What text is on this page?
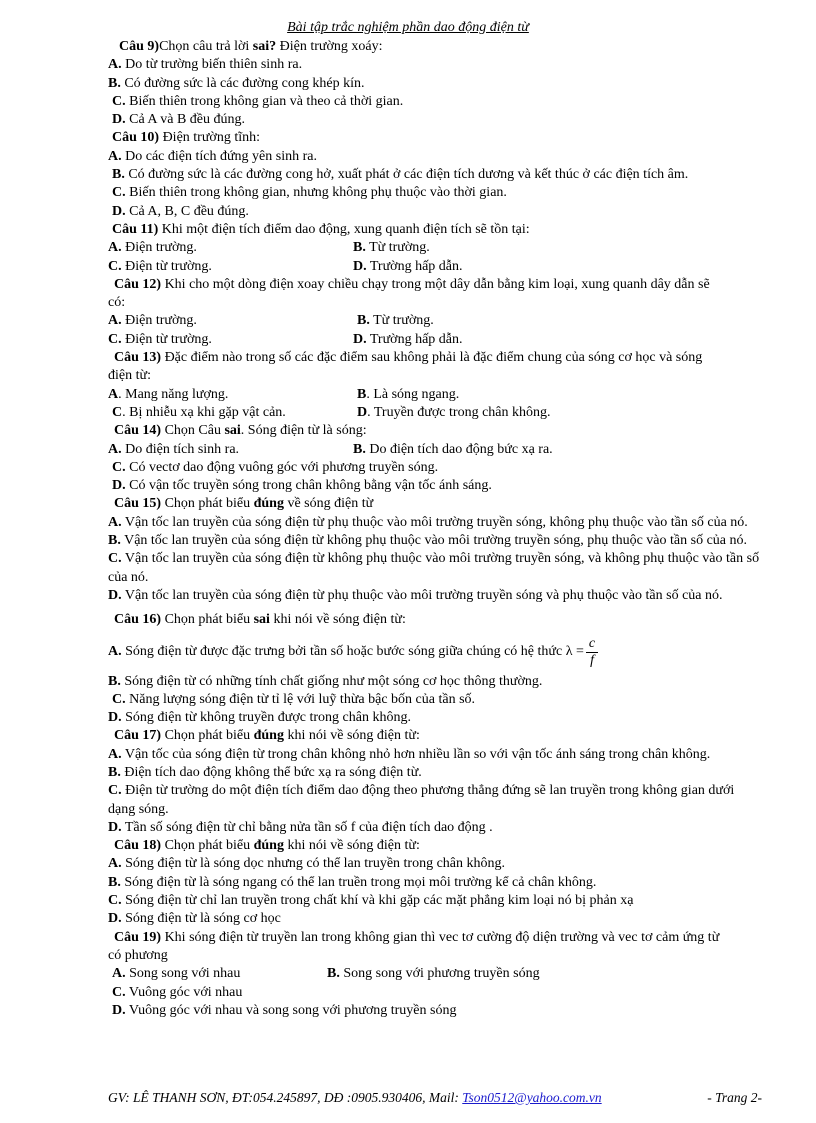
Bài tập trắc nghiệm phần dao động điện từ

Câu 9)Chọn câu trả lời sai? Điện trường xoáy:

A. Do từ trường biến thiên sinh ra.

B. Có đường sức là các đường cong khép kín.

C. Biến thiên trong không gian và theo cả thời gian.

D. Cả A và B đều đúng.

Câu 10) Điện trường tĩnh:

A. Do các điện tích đứng yên sinh ra.

B. Có đường sức là các đường cong hở, xuất phát ở các điện tích dương và kết thúc ở các điện tích âm.

C. Biến thiên trong không gian, nhưng không phụ thuộc vào thời gian.

D. Cả A, B, C đều đúng.

Câu 11) Khi một điện tích điểm dao động, xung quanh điện tích sẽ tồn tại:

A. Điện trường.	B. Từ trường.
C. Điện từ trường.	D. Trường hấp dẫn.

Câu 12) Khi cho một dòng điện xoay chiều chạy trong một dây dẫn bằng kim loại, xung quanh dây dẫn sẽ

có:

A. Điện trường.	B. Từ trường.
C. Điện từ trường.	D. Trường hấp dẫn.

Câu 13) Đặc điểm nào trong số các đặc điểm sau không phải là đặc điểm chung của sóng cơ học và sóng

điện từ:

A. Mang năng lượng.	B. Là sóng ngang.
C. Bị nhiễu xạ khi gặp vật cản.	D. Truyền được trong chân không.

Câu 14) Chọn Câu sai. Sóng điện từ là sóng:

A. Do điện tích sinh ra.	B. Do điện tích dao động bức xạ ra.

C. Có vectơ dao động vuông góc với phương truyền sóng.

D. Có vận tốc truyền sóng trong chân không bằng vận tốc ánh sáng.

Câu 15) Chọn phát biểu đúng về sóng điện từ

A. Vận tốc lan truyền của sóng điện từ phụ thuộc vào môi trường truyền sóng, không phụ thuộc vào tần số của nó.

B. Vận tốc lan truyền của sóng điện từ không phụ thuộc vào môi trường truyền sóng, phụ thuộc vào tần số của nó.

C. Vận tốc lan truyền của sóng điện từ không phụ thuộc vào môi trường truyền sóng, và không phụ thuộc vào tần số của nó.

D. Vận tốc lan truyền của sóng điện từ phụ thuộc vào môi trường truyền sóng và phụ thuộc vào tần số của nó.

Câu 16) Chọn phát biểu sai khi nói về sóng điện từ:

A. Sóng điện từ được đặc trưng bởi tần số hoặc bước sóng giữa chúng có hệ thức $\lambda = \frac{c}{f}$

B. Sóng điện từ có những tính chất giống như một sóng cơ học thông thường.

C. Năng lượng sóng điện từ tỉ lệ với luỹ thừa bậc bốn của tần số.

D. Sóng điện từ không truyền được trong chân không.

Câu 17) Chọn phát biểu đúng khi nói về sóng điện từ:

A. Vận tốc của sóng điện từ trong chân không nhỏ hơn nhiều lần so với vận tốc ánh sáng trong chân không.

B. Điện tích dao động không thể bức xạ ra sóng điện từ.

C. Điện từ trường do một điện tích điểm dao động theo phương thẳng đứng sẽ lan truyền trong không gian dưới dạng sóng.

D. Tần số sóng điện từ chỉ bằng nửa tần số f của điện tích dao động .

Câu 18) Chọn phát biểu đúng khi nói về sóng điện từ:

A. Sóng điện từ là sóng dọc nhưng có thể lan truyền trong chân không.

B. Sóng điện từ là sóng ngang có thể lan truền trong mọi môi trường kể cả chân không.

C. Sóng điện từ chỉ lan truyền trong chất khí và khi gặp các mặt phẳng kim loại nó bị phản xạ

D. Sóng điện từ là sóng cơ học

Câu 19) Khi sóng điện từ truyền lan trong không gian thì vec tơ cường độ diện trường và vec tơ cảm ứng từ

có phương

A. Song song với nhau	B. Song song với phương truyền sóng

C. Vuông góc với nhau

D. Vuông góc với nhau và song song với phương truyền sóng

GV: LÊ THANH SƠN, ĐT:054.245897, DĐ :0905.930406, Mail: Tson0512@yahoo.com.vn	- Trang 2-
